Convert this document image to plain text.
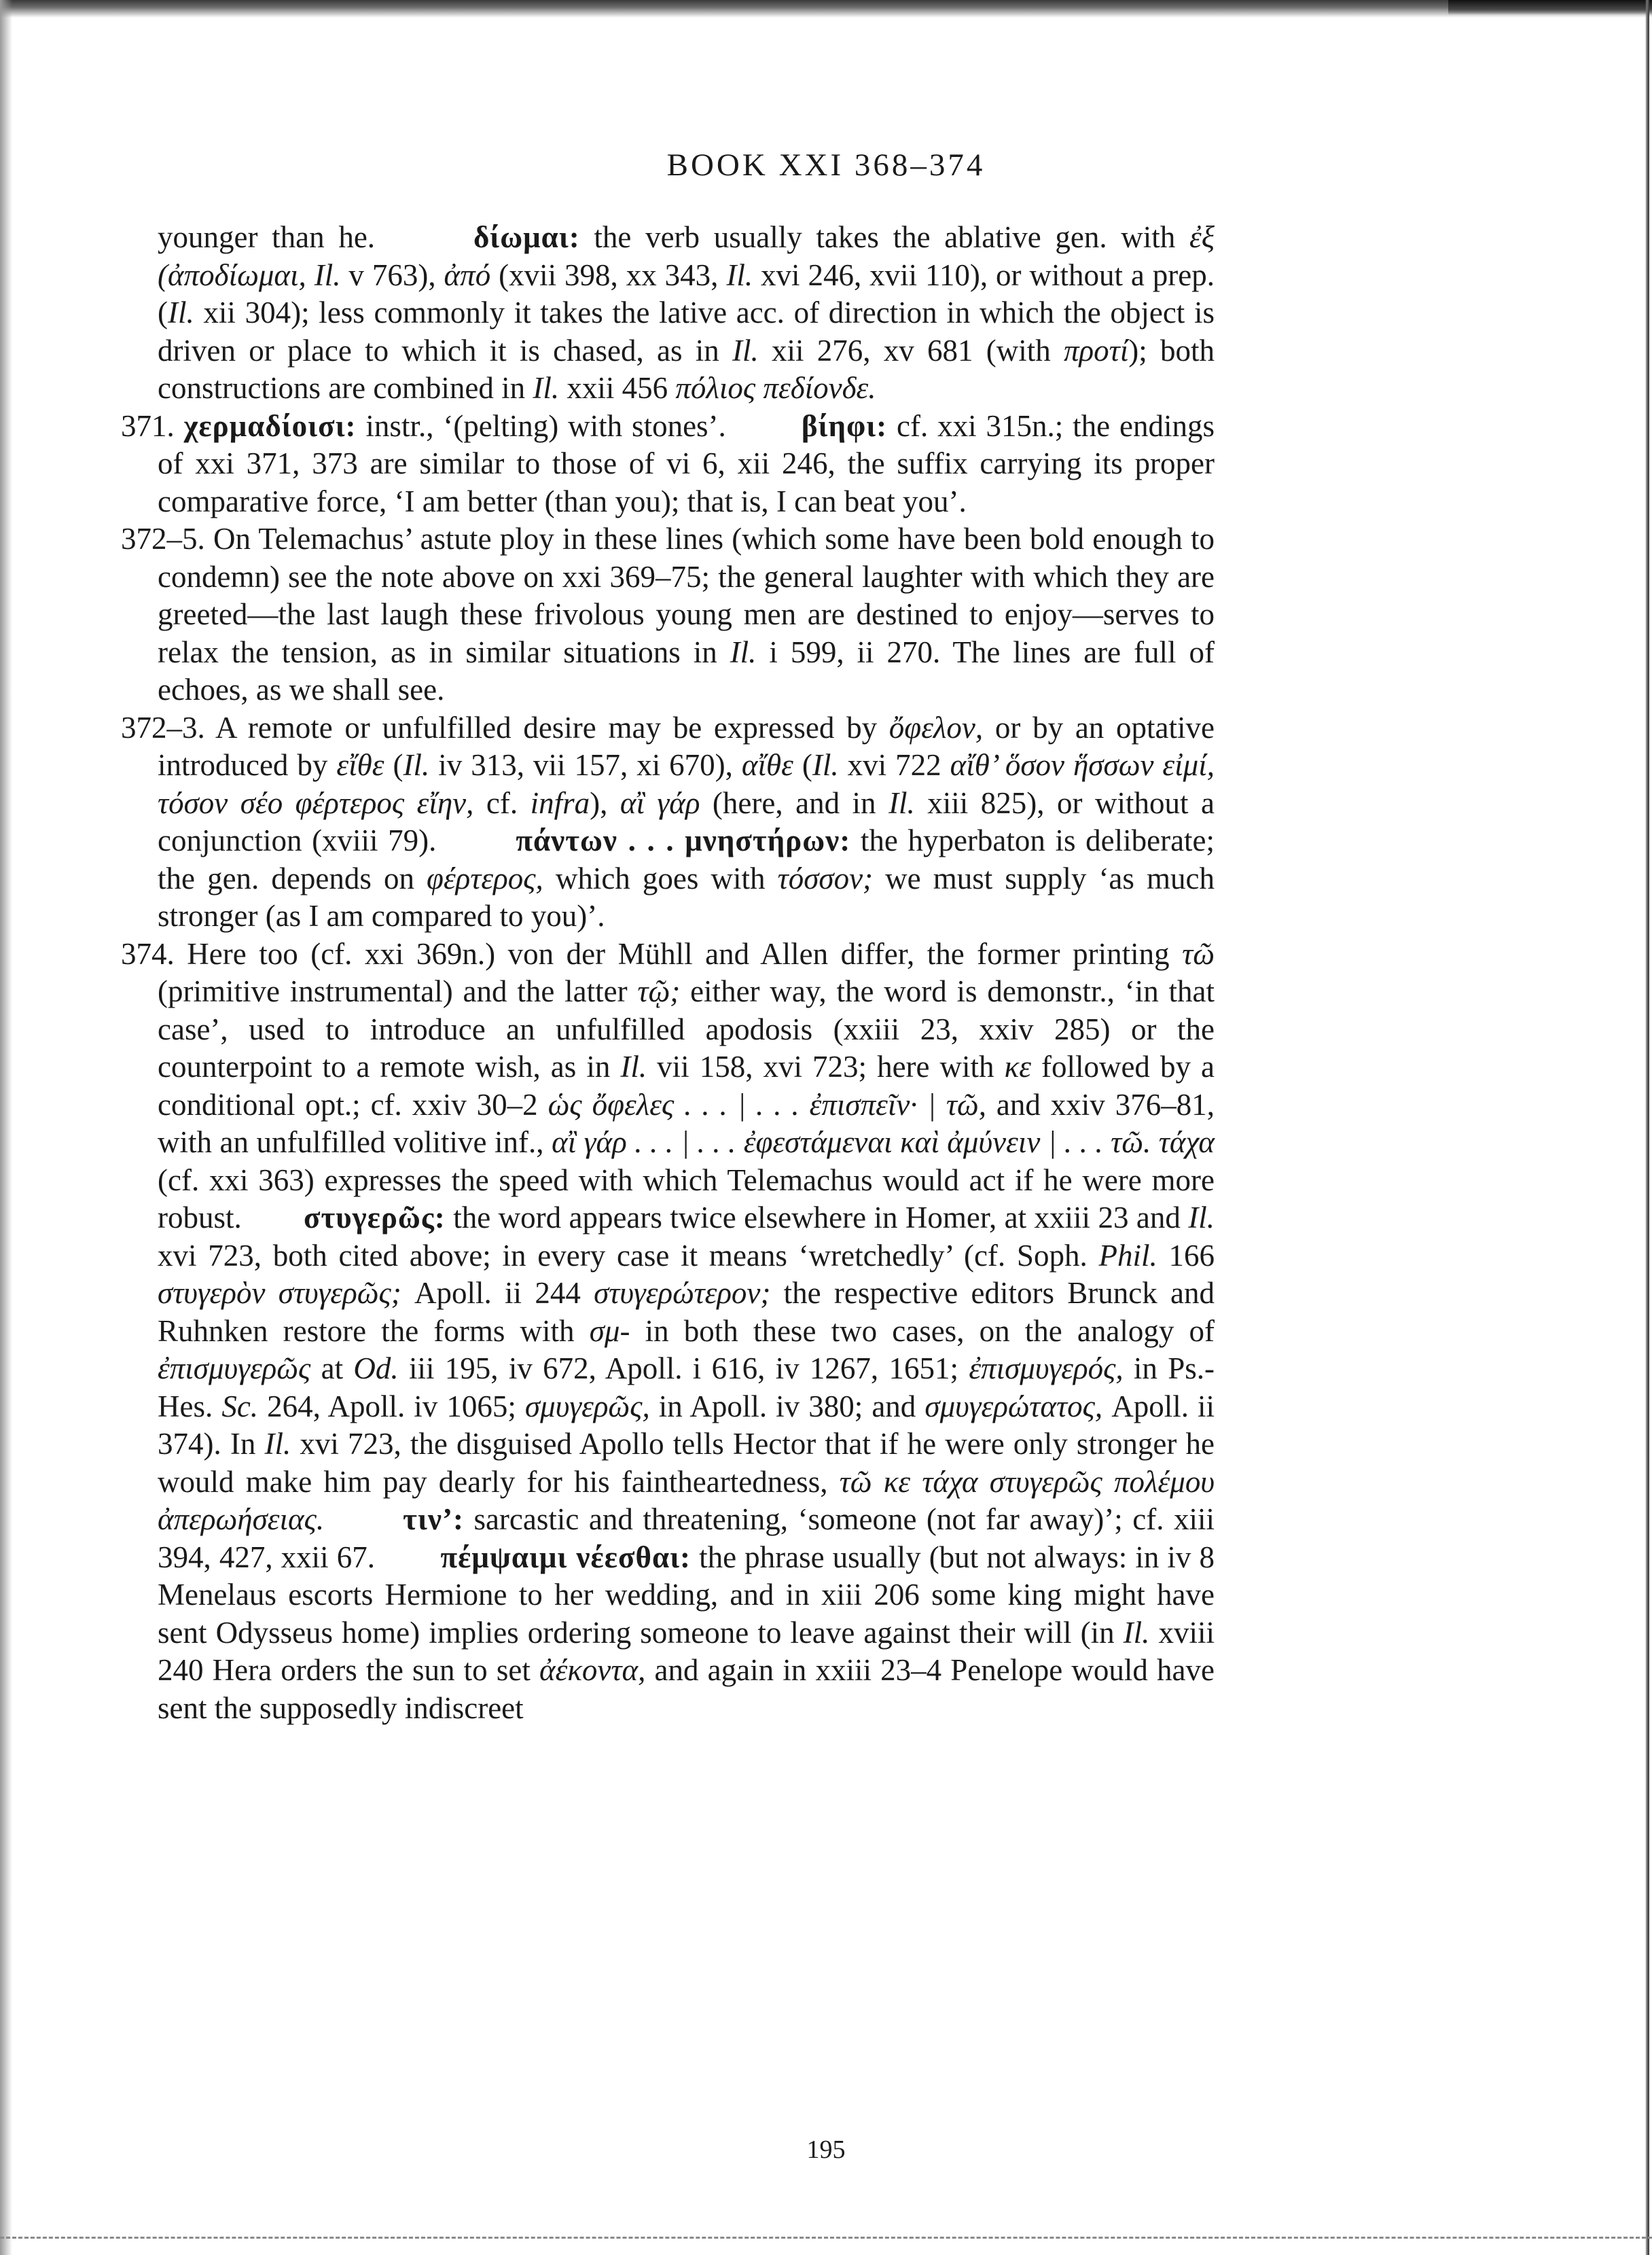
BOOK XXI 368–374

younger than he.       δίωμαι: the verb usually takes the ablative gen. with ἐξ (ἀποδίωμαι, Il. v 763), ἀπό (xvii 398, xx 343, Il. xvi 246, xvii 110), or without a prep. (Il. xii 304); less commonly it takes the lative acc. of direction in which the object is driven or place to which it is chased, as in Il. xii 276, xv 681 (with προτί); both constructions are combined in Il. xxii 456 πόλιος πεδίονδε.

371. χερμαδίοισι: instr., ‘(pelting) with stones’.        βίηφι: cf. xxi 315n.; the endings of xxi 371, 373 are similar to those of vi 6, xii 246, the suffix carrying its proper comparative force, ‘I am better (than you); that is, I can beat you’.

372–5. On Telemachus’ astute ploy in these lines (which some have been bold enough to condemn) see the note above on xxi 369–75; the general laughter with which they are greeted—the last laugh these frivolous young men are destined to enjoy—serves to relax the tension, as in similar situations in Il. i 599, ii 270. The lines are full of echoes, as we shall see.

372–3. A remote or unfulfilled desire may be expressed by ὄφελον, or by an optative introduced by εἴθε (Il. iv 313, vii 157, xi 670), αἴθε (Il. xvi 722 αἴθ’ ὅσον ἥσσων εἰμί, τόσον σέο φέρτερος εἴην, cf. infra), αἲ γάρ (here, and in Il. xiii 825), or without a conjunction (xviii 79).        πάντων . . . μνηστήρων: the hyperbaton is deliberate; the gen. depends on φέρτερος, which goes with τόσσον; we must supply ‘as much stronger (as I am compared to you)’.

374. Here too (cf. xxi 369n.) von der Mühll and Allen differ, the former printing τῶ (primitive instrumental) and the latter τῷ; either way, the word is demonstr., ‘in that case’, used to introduce an unfulfilled apodosis (xxiii 23, xxiv 285) or the counterpoint to a remote wish, as in Il. vii 158, xvi 723; here with κε followed by a conditional opt.; cf. xxiv 30–2 ὡς ὄφελες . . . | . . . ἐπισπεῖν· | τῶ, and xxiv 376–81, with an unfulfilled volitive inf., αἲ γάρ . . . | . . . ἐφεστάμεναι καὶ ἀμύνειν | . . . τῶ. τάχα (cf. xxi 363) expresses the speed with which Telemachus would act if he were more robust.        στυγερῶς: the word appears twice elsewhere in Homer, at xxiii 23 and Il. xvi 723, both cited above; in every case it means ‘wretchedly’ (cf. Soph. Phil. 166 στυγερὸν στυγερῶς; Apoll. ii 244 στυγερώτερον; the respective editors Brunck and Ruhnken restore the forms with σμ- in both these two cases, on the analogy of ἐπισμυγερῶς at Od. iii 195, iv 672, Apoll. i 616, iv 1267, 1651; ἐπισμυγερός, in Ps.-Hes. Sc. 264, Apoll. iv 1065; σμυγερῶς, in Apoll. iv 380; and σμυγερώτατος, Apoll. ii 374). In Il. xvi 723, the disguised Apollo tells Hector that if he were only stronger he would make him pay dearly for his faintheartedness, τῶ κε τάχα στυγερῶς πολέμου ἀπερωήσειας.	τιν’: sarcastic and threatening, ‘someone (not far away)’; cf. xiii 394, 427, xxii 67.        πέμψαιμι νέεσθαι: the phrase usually (but not always: in iv 8 Menelaus escorts Hermione to her wedding, and in xiii 206 some king might have sent Odysseus home) implies ordering someone to leave against their will (in Il. xviii 240 Hera orders the sun to set ἀέκοντα, and again in xxiii 23–4 Penelope would have sent the supposedly indiscreet

195
